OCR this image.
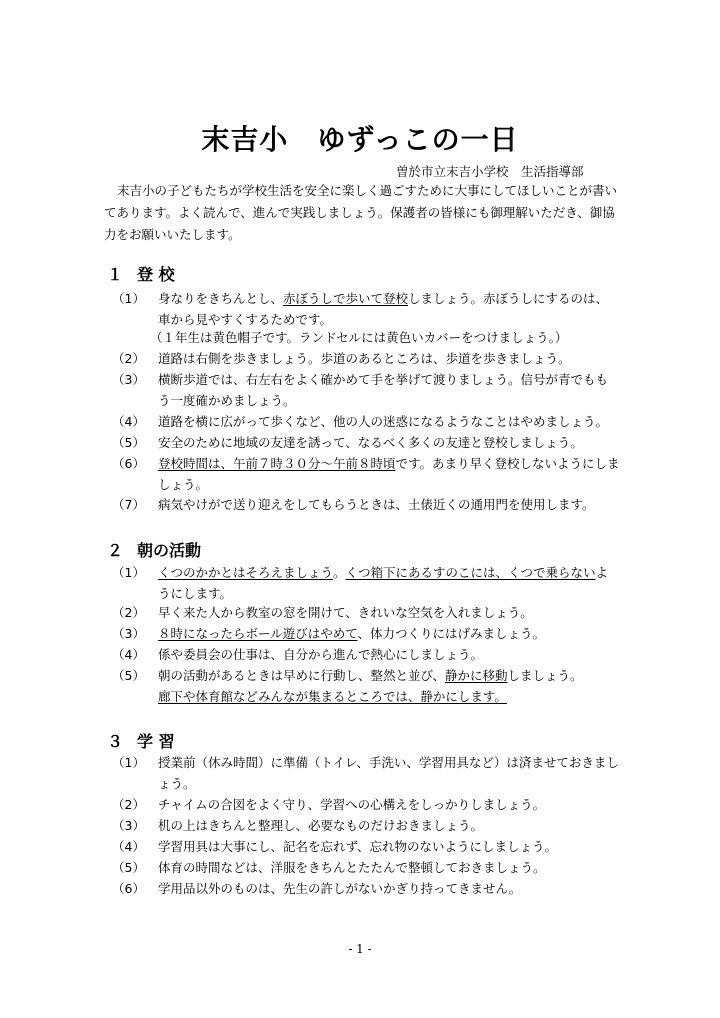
末吉小　ゆずっこの一日
曽於市立末吉小学校　生活指導部
末吉小の子どもたちが学校生活を安全に楽しく過ごすために大事にしてほしいことが書いてあります。よく読んで、進んで実践しましょう。保護者の皆様にも御理解いただき、御協力をお願いいたします。
１ 登 校
（1） 身なりをきちんとし、赤ぼうしで歩いて登校しましょう。赤ぼうしにするのは、車から見やすくするためです。
（１年生は黄色帽子です。ランドセルには黄色いカバーをつけましょう。）
（2） 道路は右側を歩きましょう。歩道のあるところは、歩道を歩きましょう。
（3） 横断歩道では、右左右をよく確かめて手を挙げて渡りましょう。信号が青でももう一度確かめましょう。
（4） 道路を横に広がって歩くなど、他の人の迷惑になるようなことはやめましょう。
（5） 安全のために地域の友達を誘って、なるべく多くの友達と登校しましょう。
（6） 登校時間は、午前７時３０分～午前８時頃です。あまり早く登校しないようにしましょう。
（7） 病気やけがで送り迎えをしてもらうときは、土俵近くの通用門を使用します。
２ 朝の活動
（1） くつのかかとはそろえましょう。くつ箱下にあるすのこには、くつで乗らないようにします。
（2） 早く来た人から教室の窓を開けて、きれいな空気を入れましょう。
（3） ８時になったらボール遊びはやめて、体力つくりにはげみましょう。
（4） 係や委員会の仕事は、自分から進んで熱心にしましょう。
（5） 朝の活動があるときは早めに行動し、整然と並び、静かに移動しましょう。
廊下や体育館などみんなが集まるところでは、静かにします。
３ 学 習
（1） 授業前（休み時間）に準備（トイレ、手洗い、学習用具など）は済ませておきましょう。
（2） チャイムの合図をよく守り、学習への心構えをしっかりしましょう。
（3） 机の上はきちんと整理し、必要なものだけおきましょう。
（4） 学習用具は大事にし、記名を忘れず、忘れ物のないようにしましょう。
（5） 体育の時間などは、洋服をきちんとたたんで整頓しておきましょう。
（6） 学用品以外のものは、先生の許しがないかぎり持ってきません。
- 1 -
